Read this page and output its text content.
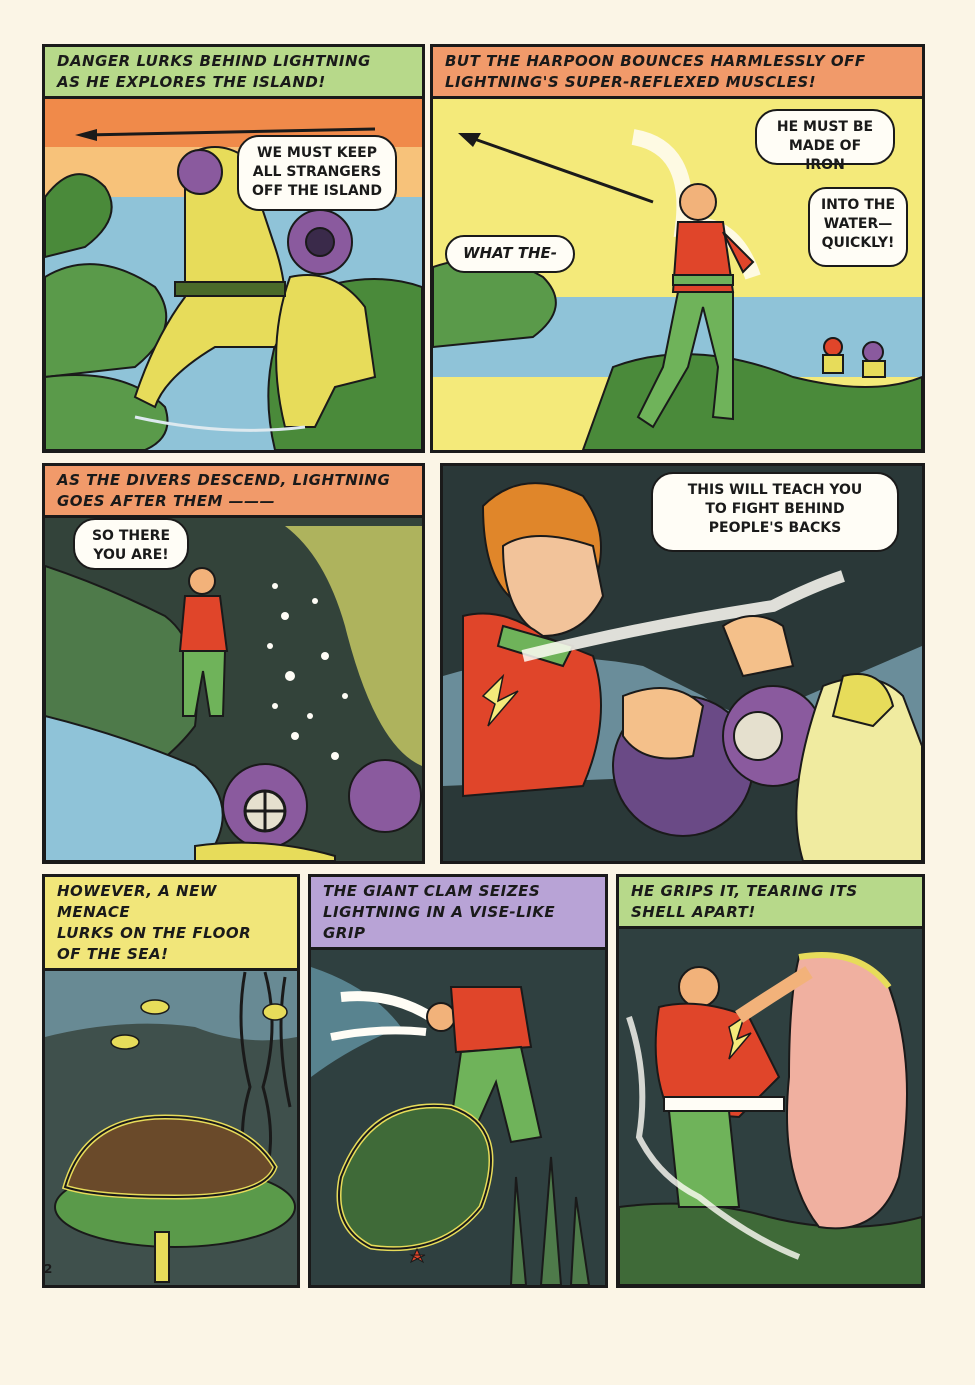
DANGER LURKS BEHIND LIGHTNING
AS HE EXPLORES THE ISLAND!
WE MUST KEEP
ALL STRANGERS
OFF THE ISLAND
BUT THE HARPOON BOUNCES HARMLESSLY OFF
LIGHTNING'S SUPER-REFLEXED MUSCLES!
HE MUST BE
MADE OF IRON
INTO THE
WATER—
QUICKLY!
WHAT THE-
AS THE DIVERS DESCEND, LIGHTNING
GOES AFTER THEM ———
SO THERE
YOU ARE!
THIS WILL TEACH YOU
TO FIGHT BEHIND
PEOPLE'S BACKS
HOWEVER, A NEW MENACE
LURKS ON THE FLOOR
OF THE SEA!
THE GIANT CLAM SEIZES
LIGHTNING IN A VISE-LIKE
GRIP
HE GRIPS IT, TEARING ITS
SHELL APART!
2
